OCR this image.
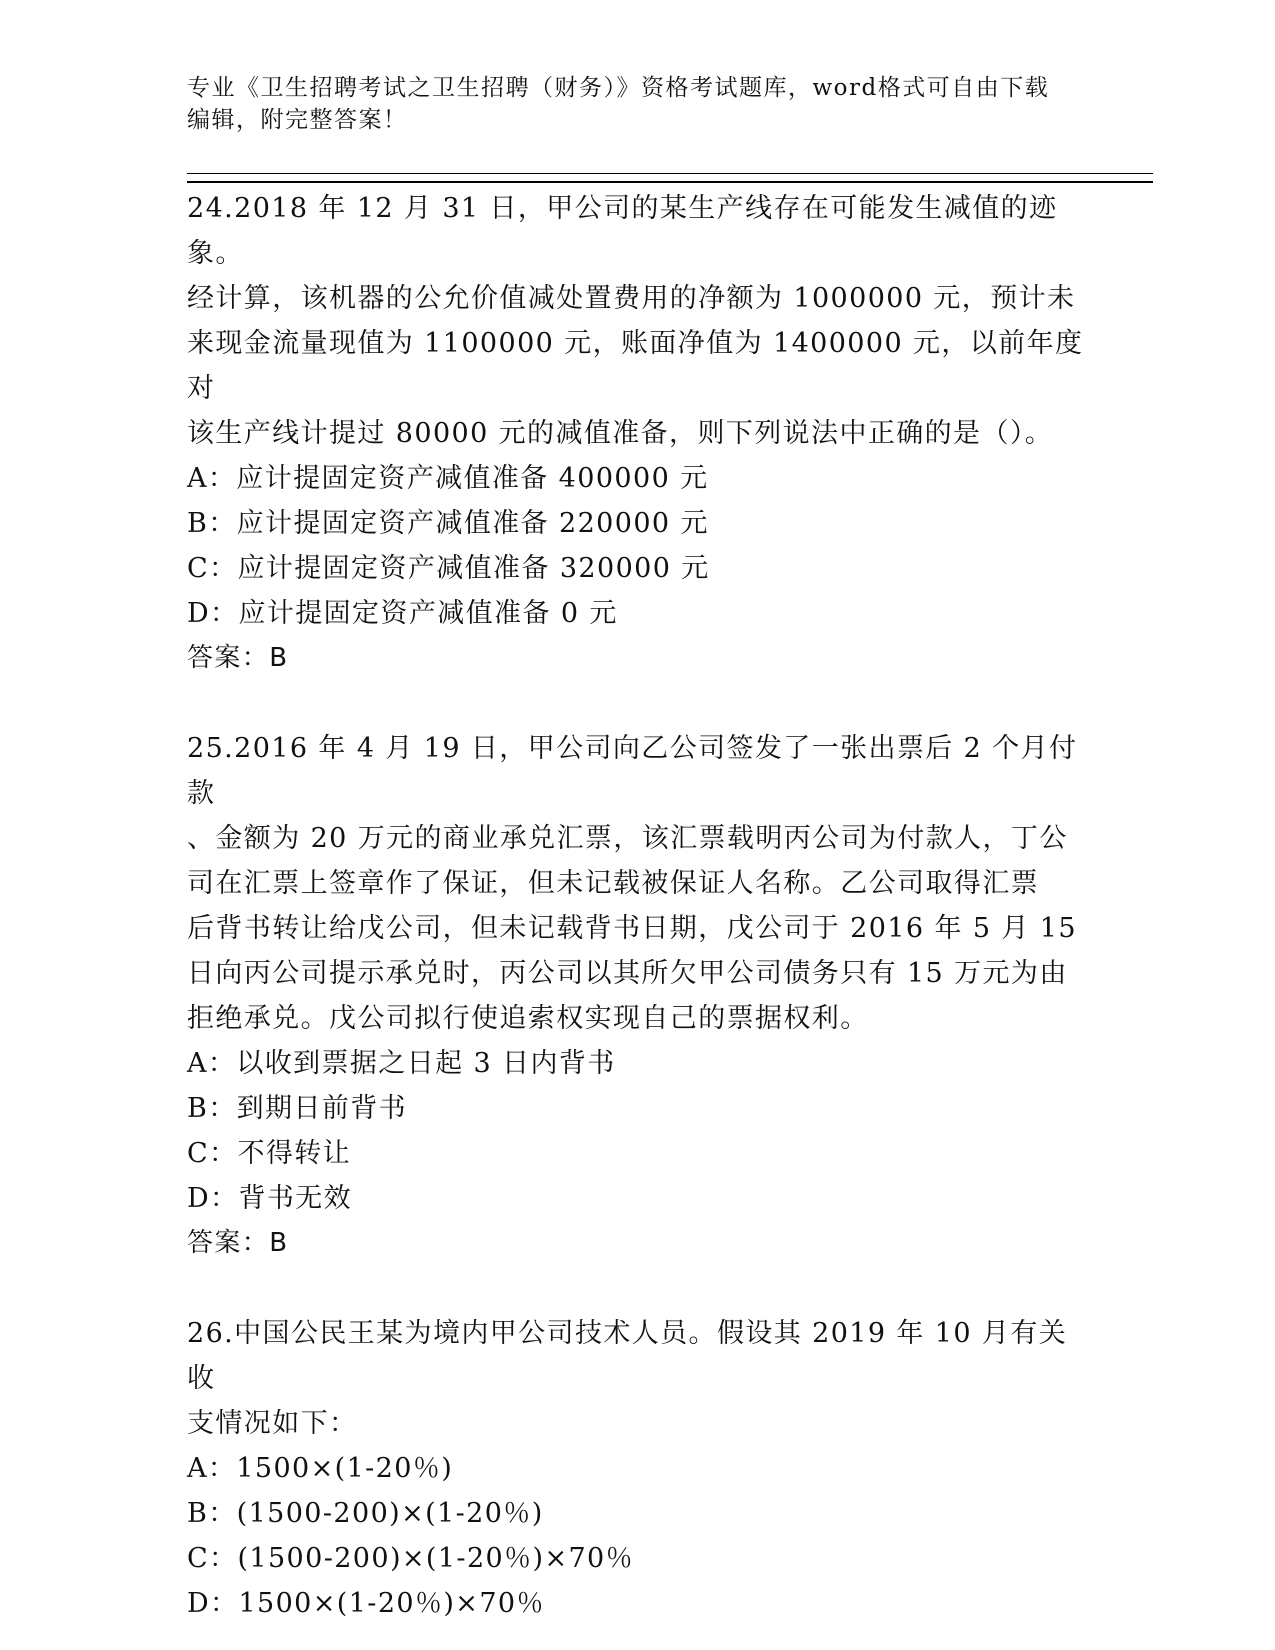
专业《卫生招聘考试之卫生招聘（财务）》资格考试题库，word格式可自由下载
编辑，附完整答案！

24.2018 年 12 月 31 日，甲公司的某生产线存在可能发生减值的迹象。
经计算，该机器的公允价值减处置费用的净额为 1000000 元，预计未
来现金流量现值为 1100000 元，账面净值为 1400000 元，以前年度对
该生产线计提过 80000 元的减值准备，则下列说法中正确的是（）。

A：应计提固定资产减值准备 400000 元

B：应计提固定资产减值准备 220000 元

C：应计提固定资产减值准备 320000 元

D：应计提固定资产减值准备 0 元

答案：B

25.2016 年 4 月 19 日，甲公司向乙公司签发了一张出票后 2 个月付款
、金额为 20 万元的商业承兑汇票，该汇票载明丙公司为付款人，丁公
司在汇票上签章作了保证，但未记载被保证人名称。乙公司取得汇票
后背书转让给戊公司，但未记载背书日期，戊公司于 2016 年 5 月 15
日向丙公司提示承兑时，丙公司以其所欠甲公司债务只有 15 万元为由
拒绝承兑。戊公司拟行使追索权实现自己的票据权利。

A：以收到票据之日起 3 日内背书

B：到期日前背书

C：不得转让

D：背书无效

答案：B

26.中国公民王某为境内甲公司技术人员。假设其 2019 年 10 月有关收
支情况如下：

A：1500×(1-20％)

B：(1500-200)×(1-20％)

C：(1500-200)×(1-20％)×70％

D：1500×(1-20％)×70％
